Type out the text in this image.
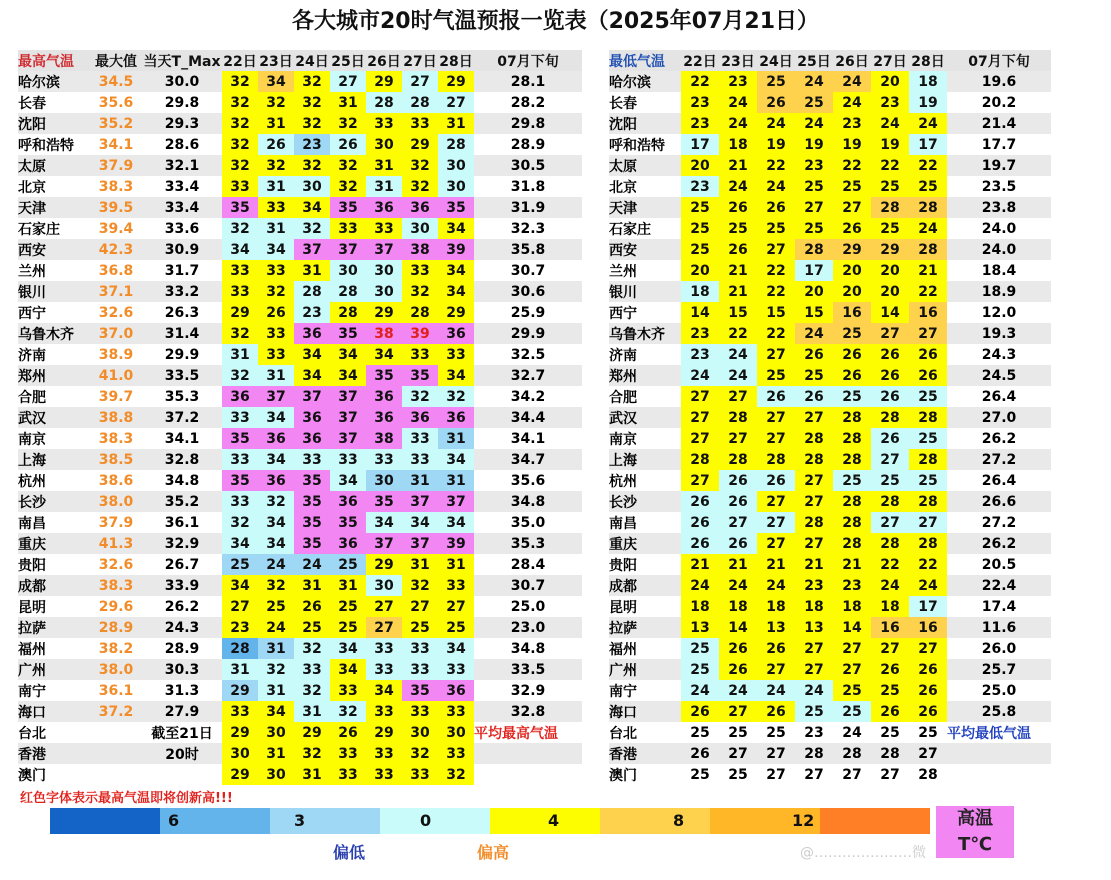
各大城市20时气温预报一览表（2025年07月21日）
最高气温	最大值	当天T_Max	22日	23日	24日	25日	26日	27日	28日	07月下旬
哈尔滨	34.5	30.0	32	34	32	27	29	27	29	28.1
长春	35.6	29.8	32	32	32	31	28	28	27	28.2
沈阳	35.2	29.3	32	31	32	32	33	33	31	29.8
呼和浩特	34.1	28.6	32	26	23	26	30	29	28	28.9
太原	37.9	32.1	32	32	32	32	31	32	30	30.5
北京	38.3	33.4	33	31	30	32	31	32	30	31.8
天津	39.5	33.4	35	33	34	35	36	36	35	31.9
石家庄	39.4	33.6	32	31	32	33	33	30	34	32.3
西安	42.3	30.9	34	34	37	37	37	38	39	35.8
兰州	36.8	31.7	33	33	31	30	30	33	34	30.7
银川	37.1	33.2	33	32	28	28	30	32	34	30.6
西宁	32.6	26.3	29	26	23	28	29	28	29	25.9
乌鲁木齐	37.0	31.4	32	33	36	35	38	39	36	29.9
济南	38.9	29.9	31	33	34	34	34	33	33	32.5
郑州	41.0	33.5	32	31	34	34	35	35	34	32.7
合肥	39.7	35.3	36	37	37	37	36	32	32	34.2
武汉	38.8	37.2	33	34	36	37	36	36	36	34.4
南京	38.3	34.1	35	36	36	37	38	33	31	34.1
上海	38.5	32.8	33	34	33	33	33	33	34	34.7
杭州	38.6	34.8	35	36	35	34	30	31	31	35.6
长沙	38.0	35.2	33	32	35	36	35	37	37	34.8
南昌	37.9	36.1	32	34	35	35	34	34	34	35.0
重庆	41.3	32.9	34	34	35	36	37	37	39	35.3
贵阳	32.6	26.7	25	24	24	25	29	31	31	28.4
成都	38.3	33.9	34	32	31	31	30	32	33	30.7
昆明	29.6	26.2	27	25	26	25	27	27	27	25.0
拉萨	28.9	24.3	23	24	25	25	27	25	25	23.0
福州	38.2	28.9	28	31	32	34	33	33	34	34.8
广州	38.0	30.3	31	32	33	34	33	33	33	33.5
南宁	36.1	31.3	29	31	32	33	34	35	36	32.9
海口	37.2	27.9	33	34	31	32	33	33	33	32.8
台北		截至21日	29	30	29	26	29	30	30	平均最高气温
香港		20时	30	31	32	33	33	32	33	
澳门			29	30	31	33	33	33	32	
最低气温	22日	23日	24日	25日	26日	27日	28日	07月下旬
哈尔滨	22	23	25	24	24	20	18	19.6
长春	23	24	26	25	24	23	19	20.2
沈阳	23	24	24	24	23	24	24	21.4
呼和浩特	17	18	19	19	19	19	17	17.7
太原	20	21	22	23	22	22	22	19.7
北京	23	24	24	25	25	25	25	23.5
天津	25	26	26	27	27	28	28	23.8
石家庄	25	25	25	25	26	25	24	24.0
西安	25	26	27	28	29	29	28	24.0
兰州	20	21	22	17	20	20	21	18.4
银川	18	21	22	20	20	20	22	18.9
西宁	14	15	15	15	16	14	16	12.0
乌鲁木齐	23	22	22	24	25	27	27	19.3
济南	23	24	27	26	26	26	26	24.3
郑州	24	24	25	25	26	26	26	24.5
合肥	27	27	26	26	25	26	25	26.4
武汉	27	28	27	27	28	28	28	27.0
南京	27	27	27	28	28	26	25	26.2
上海	28	28	28	28	28	27	28	27.2
杭州	27	26	26	27	25	25	25	26.4
长沙	26	26	27	27	28	28	28	26.6
南昌	26	27	27	28	28	27	27	27.2
重庆	26	26	27	27	28	28	28	26.2
贵阳	21	21	21	21	21	22	22	20.5
成都	24	24	24	23	23	24	24	22.4
昆明	18	18	18	18	18	18	17	17.4
拉萨	13	14	13	13	14	16	16	11.6
福州	25	26	26	27	27	27	27	26.0
广州	25	26	27	27	27	26	26	25.7
南宁	24	24	24	24	25	25	26	25.0
海口	26	27	26	25	25	26	26	25.8
台北	25	25	25	23	24	25	25	平均最低气温
香港	26	27	27	28	28	28	27	
澳门	25	25	27	27	27	27	28	
红色字体表示最高气温即将创新高!!!
6	3	0	4	8	12
偏低	偏高
高温
T℃
@…………………微
